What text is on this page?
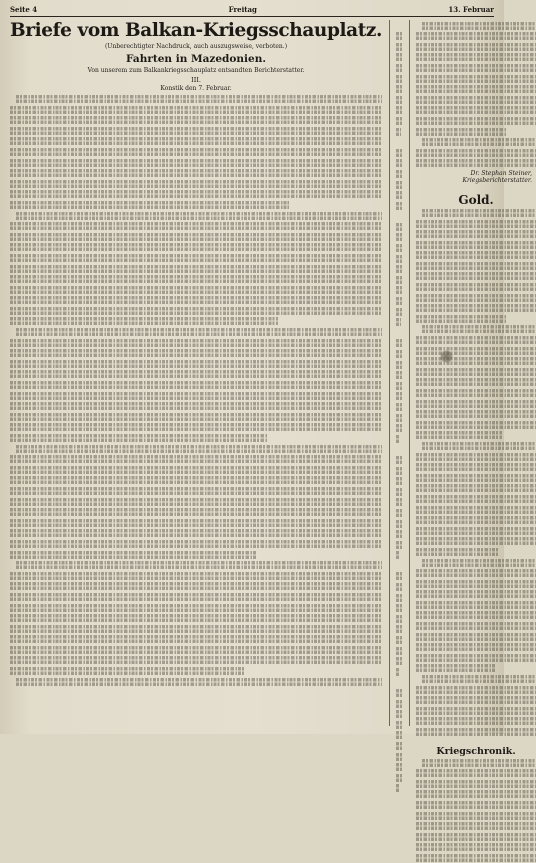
Seite 4	Freitag	13. Februar
Briefe vom Balkan-Kriegsschauplatz.
(Unberechtigter Nachdruck, auch auszugsweise, verboten.)
Fahrten in Mazedonien.
Von unserem zum Balkankriegsschauplatz entsandten Berichterstatter.
III.
Konstik den 7. Februar.
Dr. Stephan Steiner, Kriegsberichterstatter.
Gold.
Kriegschronik.
